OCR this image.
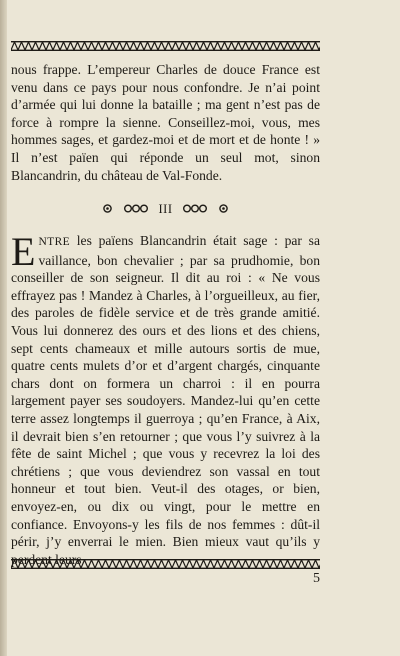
nous frappe. L’empereur Charles de douce France est venu dans ce pays pour nous confondre. Je n’ai point d’armée qui lui donne la bataille ; ma gent n’est pas de force à rompre la sienne. Conseillez-moi, vous, mes hommes sages, et gardez-moi et de mort et de honte ! » Il n’est païen qui réponde un seul mot, sinon Blancandrin, du château de Val-Fonde.

III

ENTRE les païens Blancandrin était sage : par sa vaillance, bon chevalier ; par sa prudhomie, bon conseiller de son seigneur. Il dit au roi : « Ne vous effrayez pas ! Mandez à Charles, à l’orgueilleux, au fier, des paroles de fidèle service et de très grande amitié. Vous lui donnerez des ours et des lions et des chiens, sept cents chameaux et mille autours sortis de mue, quatre cents mulets d’or et d’argent chargés, cinquante chars dont on formera un charroi : il en pourra largement payer ses soudoyers. Mandez-lui qu’en cette terre assez longtemps il guerroya ; qu’en France, à Aix, il devrait bien s’en retourner ; que vous l’y suivrez à la fête de saint Michel ; que vous y recevrez la loi des chrétiens ; que vous deviendrez son vassal en tout honneur et tout bien. Veut-il des otages, or bien, envoyez-en, ou dix ou vingt, pour le mettre en confiance. Envoyons-y les fils de nos femmes : dût-il périr, j’y enverrai le mien. Bien mieux vaut qu’ils y

5
